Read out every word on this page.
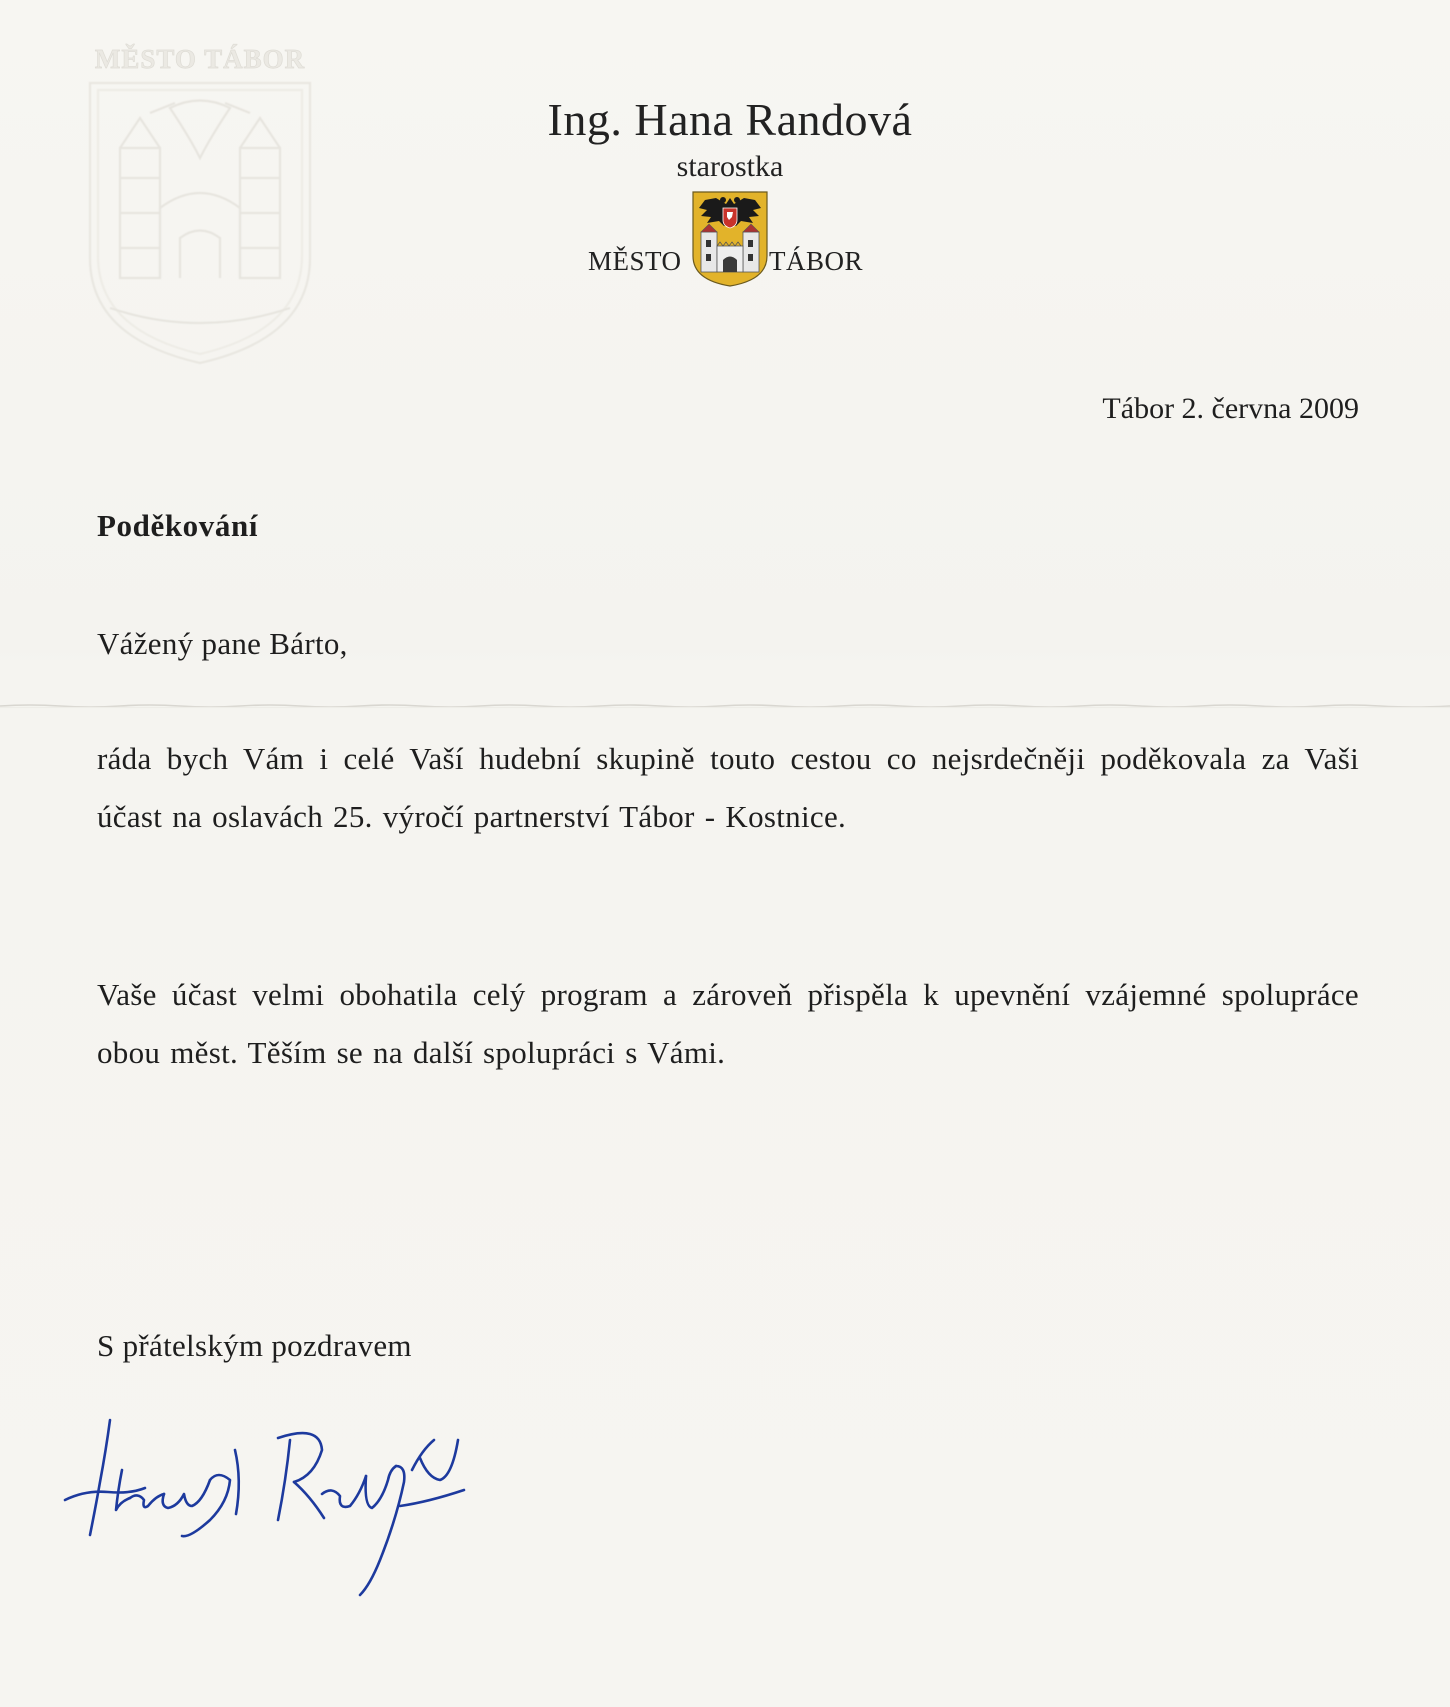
MĚSTO TÁBOR
Ing. Hana Randová
starostka
MĚSTO	TÁBOR
Tábor 2. června 2009
Poděkování
Vážený pane Bárto,
ráda bych Vám i celé Vaší hudební skupině touto cestou co nejsrdečněji poděkovala za Vaši účast na oslavách 25. výročí partnerství Tábor - Kostnice.
Vaše účast velmi obohatila celý program a zároveň přispěla k upevnění vzájemné spolupráce obou měst. Těším se na další spolupráci s Vámi.
S přátelským pozdravem
